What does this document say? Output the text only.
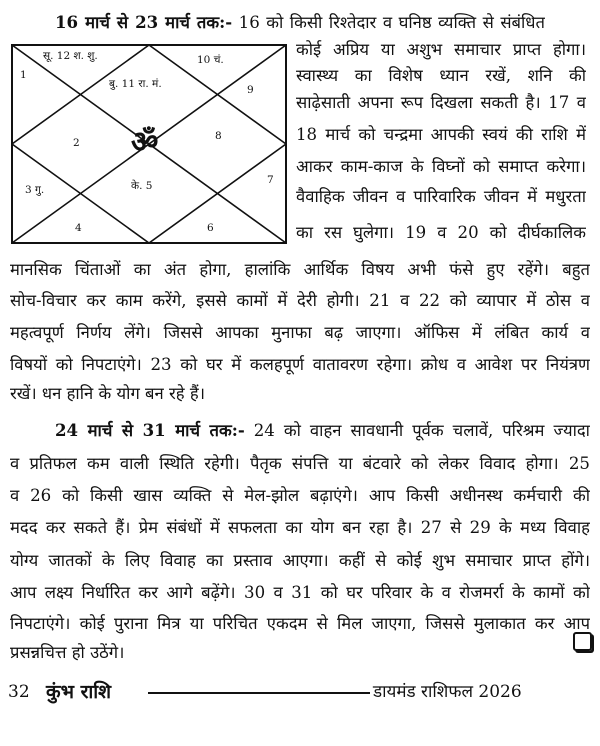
16 मार्च से 23 मार्च तक:- 16 को किसी रिश्तेदार व घनिष्ठ व्यक्ति से संबंधित
सू. 12 श. शु.	10 चं.
बु. 11 रा. मं.
1
9
2 ॐ	8
3 गु.	के. 5	7
4	6
कोई अप्रिय या अशुभ समाचार प्राप्त होगा।
स्वास्थ्य का विशेष ध्यान रखें, शनि की
साढ़ेसाती अपना रूप दिखला सकती है। 17 व
18 मार्च को चन्द्रमा आपकी स्वयं की राशि में
आकर काम-काज के विघ्नों को समाप्त करेगा।
वैवाहिक जीवन व पारिवारिक जीवन में मधुरता
का रस घुलेगा। 19 व 20 को दीर्घकालिक
मानसिक चिंताओं का अंत होगा, हालांकि आर्थिक विषय अभी फंसे हुए रहेंगे। बहुत
सोच-विचार कर काम करेंगे, इससे कामों में देरी होगी। 21 व 22 को व्यापार में ठोस व
महत्वपूर्ण निर्णय लेंगे। जिससे आपका मुनाफा बढ़ जाएगा। ऑफिस में लंबित कार्य व
विषयों को निपटाएंगे। 23 को घर में कलहपूर्ण वातावरण रहेगा। क्रोध व आवेश पर नियंत्रण
रखें। धन हानि के योग बन रहे हैं।
24 मार्च से 31 मार्च तक:- 24 को वाहन सावधानी पूर्वक चलावें, परिश्रम ज्यादा
व प्रतिफल कम वाली स्थिति रहेगी। पैतृक संपत्ति या बंटवारे को लेकर विवाद होगा। 25
व 26 को किसी खास व्यक्ति से मेल-झोल बढ़ाएंगे। आप किसी अधीनस्थ कर्मचारी की
मदद कर सकते हैं। प्रेम संबंधों में सफलता का योग बन रहा है। 27 से 29 के मध्य विवाह
योग्य जातकों के लिए विवाह का प्रस्ताव आएगा। कहीं से कोई शुभ समाचार प्राप्त होंगे।
आप लक्ष्य निर्धारित कर आगे बढ़ेंगे। 30 व 31 को घर परिवार के व रोजमर्रा के कामों को
निपटाएंगे। कोई पुराना मित्र या परिचित एकदम से मिल जाएगा, जिससे मुलाकात कर आप
प्रसन्नचित्त हो उठेंगे।
32 कुंभ राशि	डायमंड राशिफल 2026
